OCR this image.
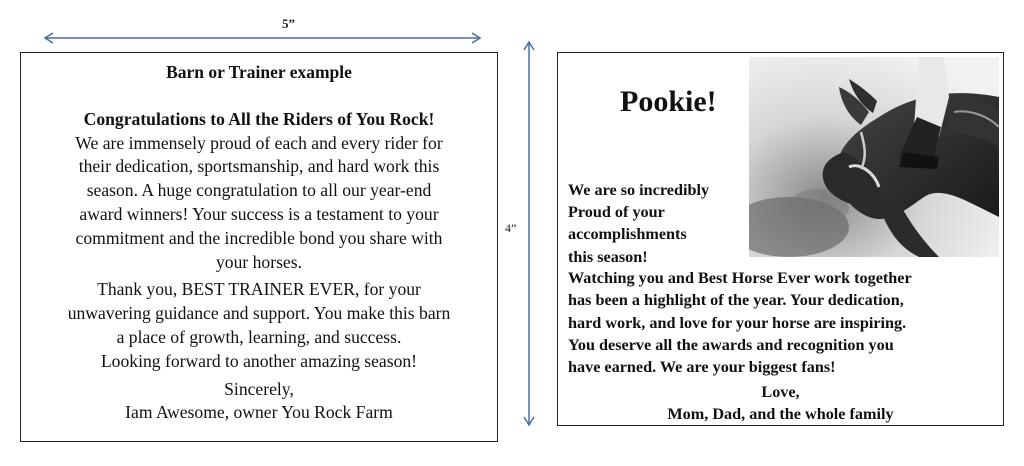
5”
4”

Barn or Trainer example

Congratulations to All the Riders of You Rock!

We are immensely proud of each and every rider for

their dedication, sportsmanship, and hard work this

season. A huge congratulation to all our year-end

award winners! Your success is a testament to your

commitment and the incredible bond you share with

your horses.

Thank you, BEST TRAINER EVER, for your

unwavering guidance and support. You make this barn

a place of growth, learning, and success.

Looking forward to another amazing season!

Sincerely,

Iam Awesome, owner You Rock Farm

Pookie!

We are so incredibly

Proud of your

accomplishments

this season!

Watching you and Best Horse Ever work together

has been a highlight of the year. Your dedication,

hard work, and love for your horse are inspiring.

You deserve all the awards and recognition you

have earned. We are your biggest fans!

Love,

Mom, Dad, and the whole family
